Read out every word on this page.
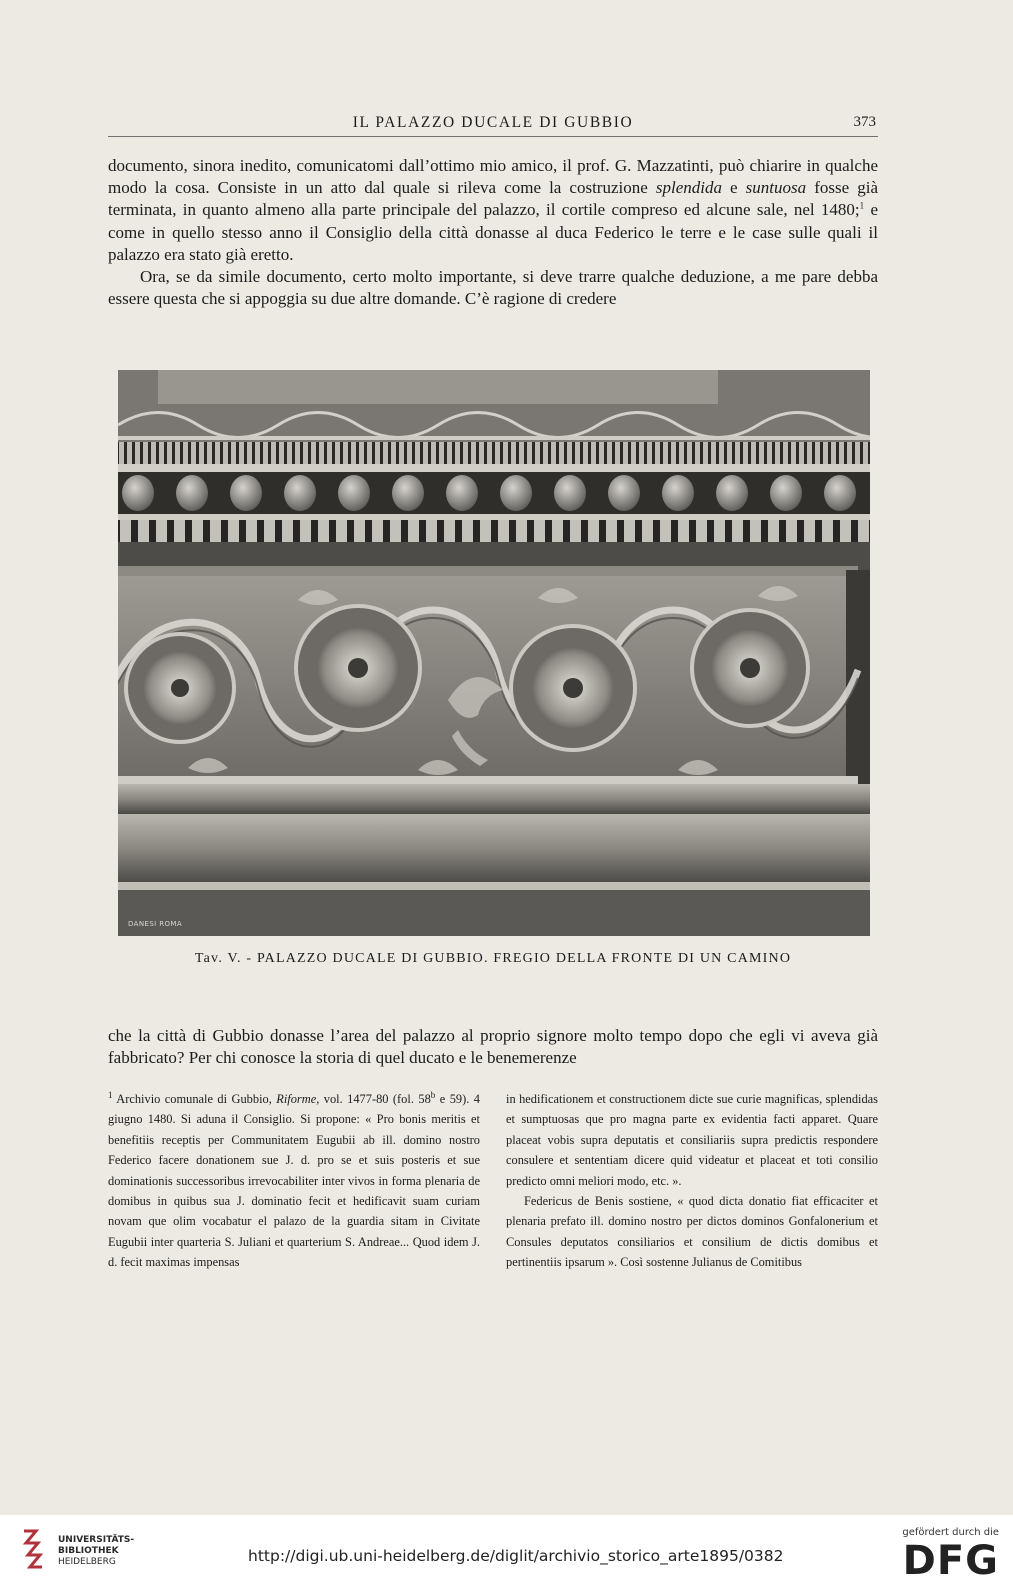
IL PALAZZO DUCALE DI GUBBIO	373

documento, sinora inedito, comunicatomi dall’ottimo mio amico, il prof. G. Mazzatinti, può chiarire in qualche modo la cosa. Consiste in un atto dal quale si rileva come la costruzione splendida e suntuosa fosse già terminata, in quanto almeno alla parte principale del palazzo, il cortile compreso ed alcune sale, nel 1480;$^1$ e come in quello stesso anno il Consiglio della città donasse al duca Federico le terre e le case sulle quali il palazzo era stato già eretto.

Ora, se da simile documento, certo molto importante, si deve trarre qualche deduzione, a me pare debba essere questa che si appoggia su due altre domande. C’è ragione di credere

DANESI ROMA
Tav. V. - PALAZZO DUCALE DI GUBBIO. FREGIO DELLA FRONTE DI UN CAMINO

che la città di Gubbio donasse l’area del palazzo al proprio signore molto tempo dopo che egli vi aveva già fabbricato? Per chi conosce la storia di quel ducato e le benemerenze

$^1$ Archivio comunale di Gubbio, Riforme, vol. 1477-80 (fol. 58$^b$ e 59). 4 giugno 1480. Si aduna il Consiglio. Si propone: « Pro bonis meritis et benefitiis receptis per Communitatem Eugubii ab ill. domino nostro Federico facere donationem sue J. d. pro se et suis posteris et sue dominationis successoribus irrevocabiliter inter vivos in forma plenaria de domibus in quibus sua J. dominatio fecit et hedificavit suam curiam novam que olim vocabatur el palazo de la guardia sitam in Civitate Eugubii inter quarteria S. Juliani et quarterium S. Andreae... Quod idem J. d. fecit maximas impensas

in hedificationem et constructionem dicte sue curie magnificas, splendidas et sumptuosas que pro magna parte ex evidentia facti apparet. Quare placeat vobis supra deputatis et consiliariis supra predictis respondere consulere et sententiam dicere quid videatur et placeat et toti consilio predicto omni meliori modo, etc. ».

Federicus de Benis sostiene, « quod dicta donatio fiat efficaciter et plenaria prefato ill. domino nostro per dictos dominos Gonfalonerium et Consules deputatos consiliarios et consilium de dictis domibus et pertinentiis ipsarum ». Così sostenne Julianus de Comitibus

UNIVERSITÄTS-
BIBLIOTHEK
HEIDELBERG	http://digi.ub.uni-heidelberg.de/diglit/archivio_storico_arte1895/0382
gefördert durch die
DFG
